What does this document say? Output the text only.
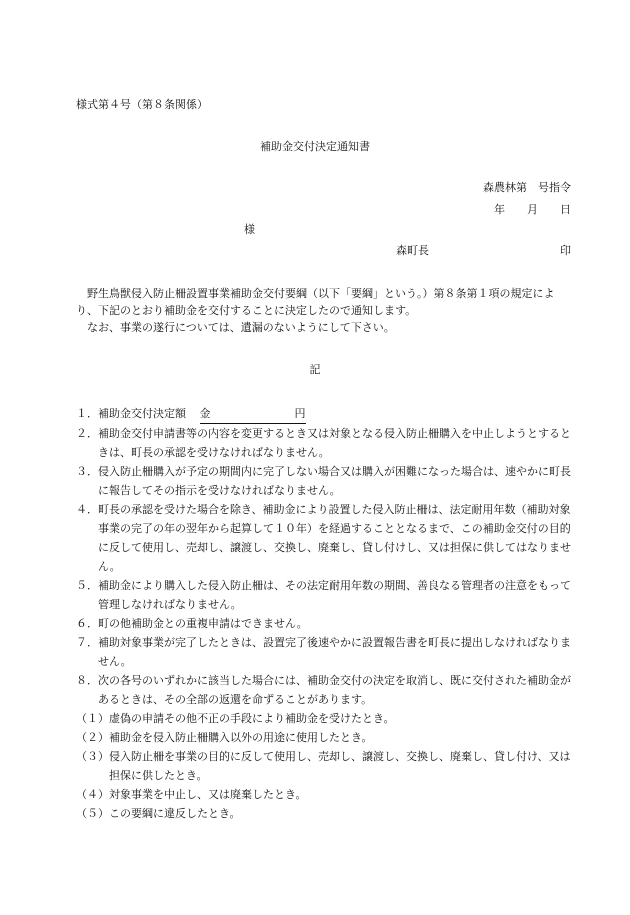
様式第４号（第８条関係）
補助金交付決定通知書
森農林第　号指令
年 月 日
様
森町長	印

野生鳥獣侵入防止柵設置事業補助金交付要綱（以下「要綱」という。）第８条第１項の規定により、下記のとおり補助金を交付することに決定したので通知します。

なお、事業の遂行については、遺漏のないようにして下さい。

記
１． 補助金交付決定額 金	円
２． 補助金交付申請書等の内容を変更するとき又は対象となる侵入防止柵購入を中止しようとするときは、町長の承認を受けなければなりません。
３． 侵入防止柵購入が予定の期間内に完了しない場合又は購入が困難になった場合は、速やかに町長に報告してその指示を受けなければなりません。
４． 町長の承認を受けた場合を除き、補助金により設置した侵入防止柵は、法定耐用年数（補助対象事業の完了の年の翌年から起算して１０年）を経過することとなるまで、この補助金交付の目的に反して使用し、売却し、譲渡し、交換し、廃棄し、貸し付けし、又は担保に供してはなりません。
５． 補助金により購入した侵入防止柵は、その法定耐用年数の期間、善良なる管理者の注意をもって管理しなければなりません。
６． 町の他補助金との重複申請はできません。
７． 補助対象事業が完了したときは、設置完了後速やかに設置報告書を町長に提出しなければなりません。
８． 次の各号のいずれかに該当した場合には、補助金交付の決定を取消し、既に交付された補助金があるときは、その全部の返還を命ずることがあります。
（１） 虚偽の申請その他不正の手段により補助金を受けたとき。
（２） 補助金を侵入防止柵購入以外の用途に使用したとき。
（３） 侵入防止柵を事業の目的に反して使用し、売却し、譲渡し、交換し、廃棄し、貸し付け、又は担保に供したとき。
（４） 対象事業を中止し、又は廃棄したとき。
（５） この要綱に違反したとき。
